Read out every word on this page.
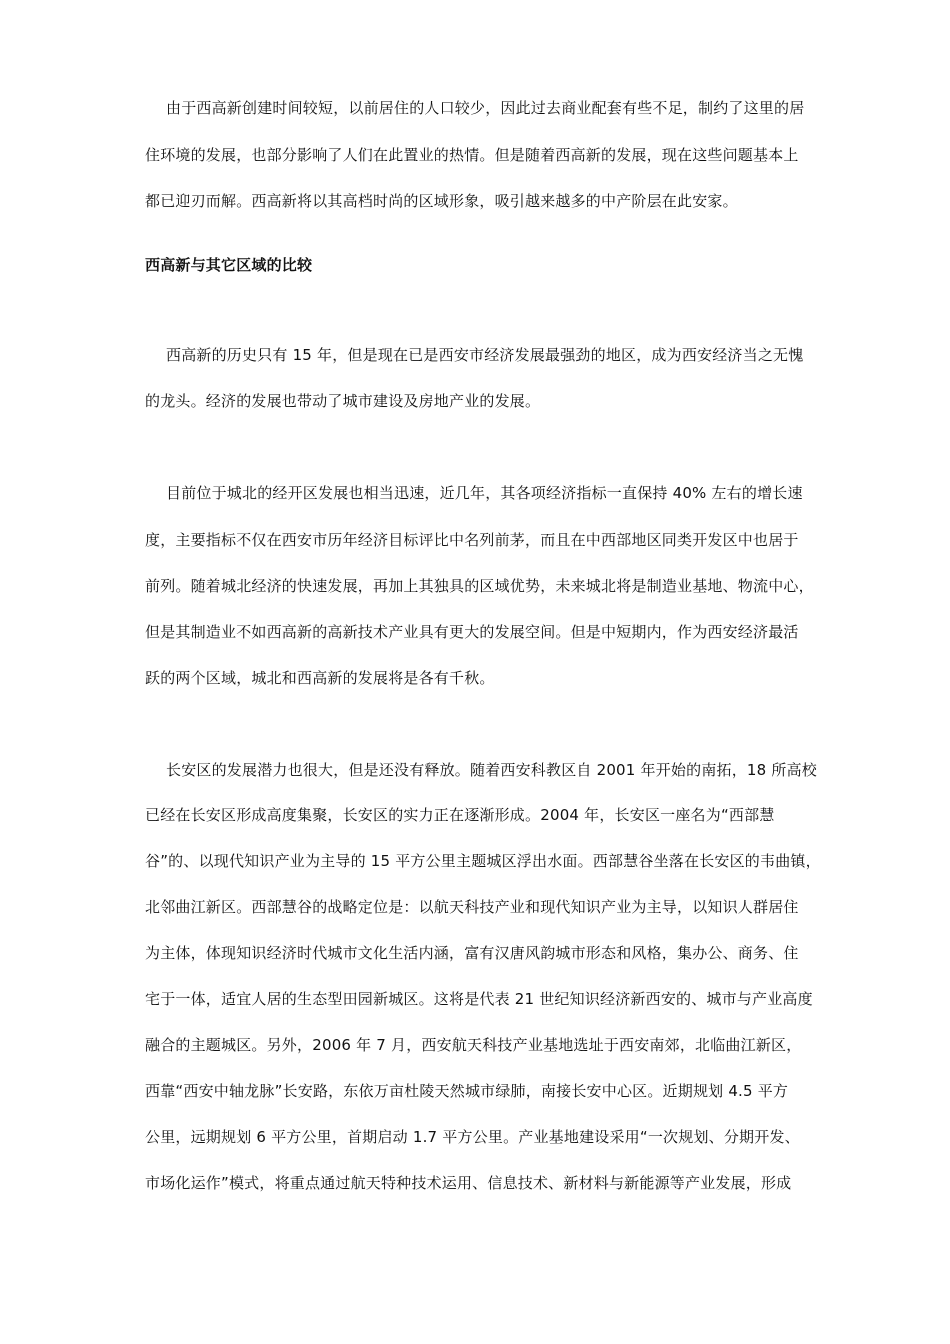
由于西高新创建时间较短，以前居住的人口较少，因此过去商业配套有些不足，制约了这里的居
住环境的发展，也部分影响了人们在此置业的热情。但是随着西高新的发展，现在这些问题基本上
都已迎刃而解。西高新将以其高档时尚的区域形象，吸引越来越多的中产阶层在此安家。
西高新与其它区域的比较
西高新的历史只有 15 年，但是现在已是西安市经济发展最强劲的地区，成为西安经济当之无愧
的龙头。经济的发展也带动了城市建设及房地产业的发展。
目前位于城北的经开区发展也相当迅速，近几年，其各项经济指标一直保持 40% 左右的增长速
度，主要指标不仅在西安市历年经济目标评比中名列前茅，而且在中西部地区同类开发区中也居于
前列。随着城北经济的快速发展，再加上其独具的区域优势，未来城北将是制造业基地、物流中心，
但是其制造业不如西高新的高新技术产业具有更大的发展空间。但是中短期内，作为西安经济最活
跃的两个区域，城北和西高新的发展将是各有千秋。
长安区的发展潜力也很大，但是还没有释放。随着西安科教区自 2001 年开始的南拓，18 所高校
已经在长安区形成高度集聚，长安区的实力正在逐渐形成。2004 年，长安区一座名为“西部慧
谷”的、以现代知识产业为主导的 15 平方公里主题城区浮出水面。西部慧谷坐落在长安区的韦曲镇，
北邻曲江新区。西部慧谷的战略定位是：以航天科技产业和现代知识产业为主导，以知识人群居住
为主体，体现知识经济时代城市文化生活内涵，富有汉唐风韵城市形态和风格，集办公、商务、住
宅于一体，适宜人居的生态型田园新城区。这将是代表 21 世纪知识经济新西安的、城市与产业高度
融合的主题城区。另外，2006 年 7 月，西安航天科技产业基地选址于西安南郊，北临曲江新区，
西靠“西安中轴龙脉”长安路，东依万亩杜陵天然城市绿肺，南接长安中心区。近期规划 4.5 平方
公里，远期规划 6 平方公里，首期启动 1.7 平方公里。产业基地建设采用“一次规划、分期开发、
市场化运作”模式，将重点通过航天特种技术运用、信息技术、新材料与新能源等产业发展，形成
